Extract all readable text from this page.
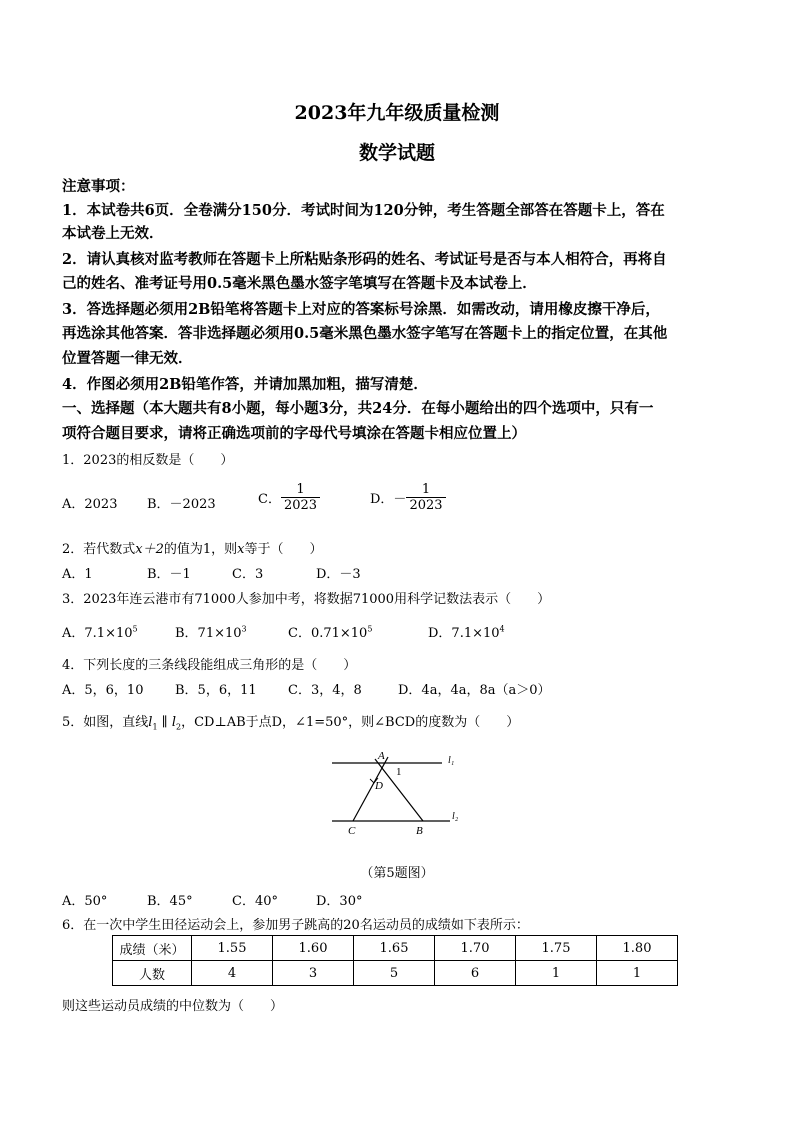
2023年九年级质量检测
数学试题
注意事项：
1．本试卷共6页．全卷满分150分．考试时间为120分钟，考生答题全部答在答题卡上，答在
本试卷上无效．
2．请认真核对监考教师在答题卡上所粘贴条形码的姓名、考试证号是否与本人相符合，再将自
己的姓名、准考证号用0.5毫米黑色墨水签字笔填写在答题卡及本试卷上．
3．答选择题必须用2B铅笔将答题卡上对应的答案标号涂黑．如需改动，请用橡皮擦干净后，
再选涂其他答案．答非选择题必须用0.5毫米黑色墨水签字笔写在答题卡上的指定位置，在其他
位置答题一律无效．
4．作图必须用2B铅笔作答，并请加黑加粗，描写清楚．
一、选择题（本大题共有8小题，每小题3分，共24分．在每小题给出的四个选项中，只有一
项符合题目要求，请将正确选项前的字母代号填涂在答题卡相应位置上）
1．2023的相反数是（　　）
A．2023 B．－2023	C． $\frac{1}{2023}$	D．－ $\frac{1}{2023}$
2．若代数式x＋2的值为1，则x等于（　　）
A．1	B．－1	C．3	D．－3
3．2023年连云港市有71000人参加中考，将数据71000用科学记数法表示（　　）
A．$7.1\times 10^5$	B．$71\times 10^3$	C．$0.71\times 10^5$	D．$7.1\times 10^4$
4．下列长度的三条线段能组成三角形的是（　　）
A．5，6，10 B．5，6，11 C．3，4，8	D．4a，4a，8a（a＞0）
5．如图，直线$l_1$ ∥ $l_2$，CD⊥AB于点D，∠1=50°，则∠BCD的度数为（　　）
A
1
D
C	B
l₁
l₂
（第5题图）
A．50°	B．45°	C．40°	D．30°
6．在一次中学生田径运动会上，参加男子跳高的20名运动员的成绩如下表所示：
成绩（米）	1.55	1.60	1.65	1.70	1.75	1.80
人数	4	3	5	6	1	1
则这些运动员成绩的中位数为（　　）
